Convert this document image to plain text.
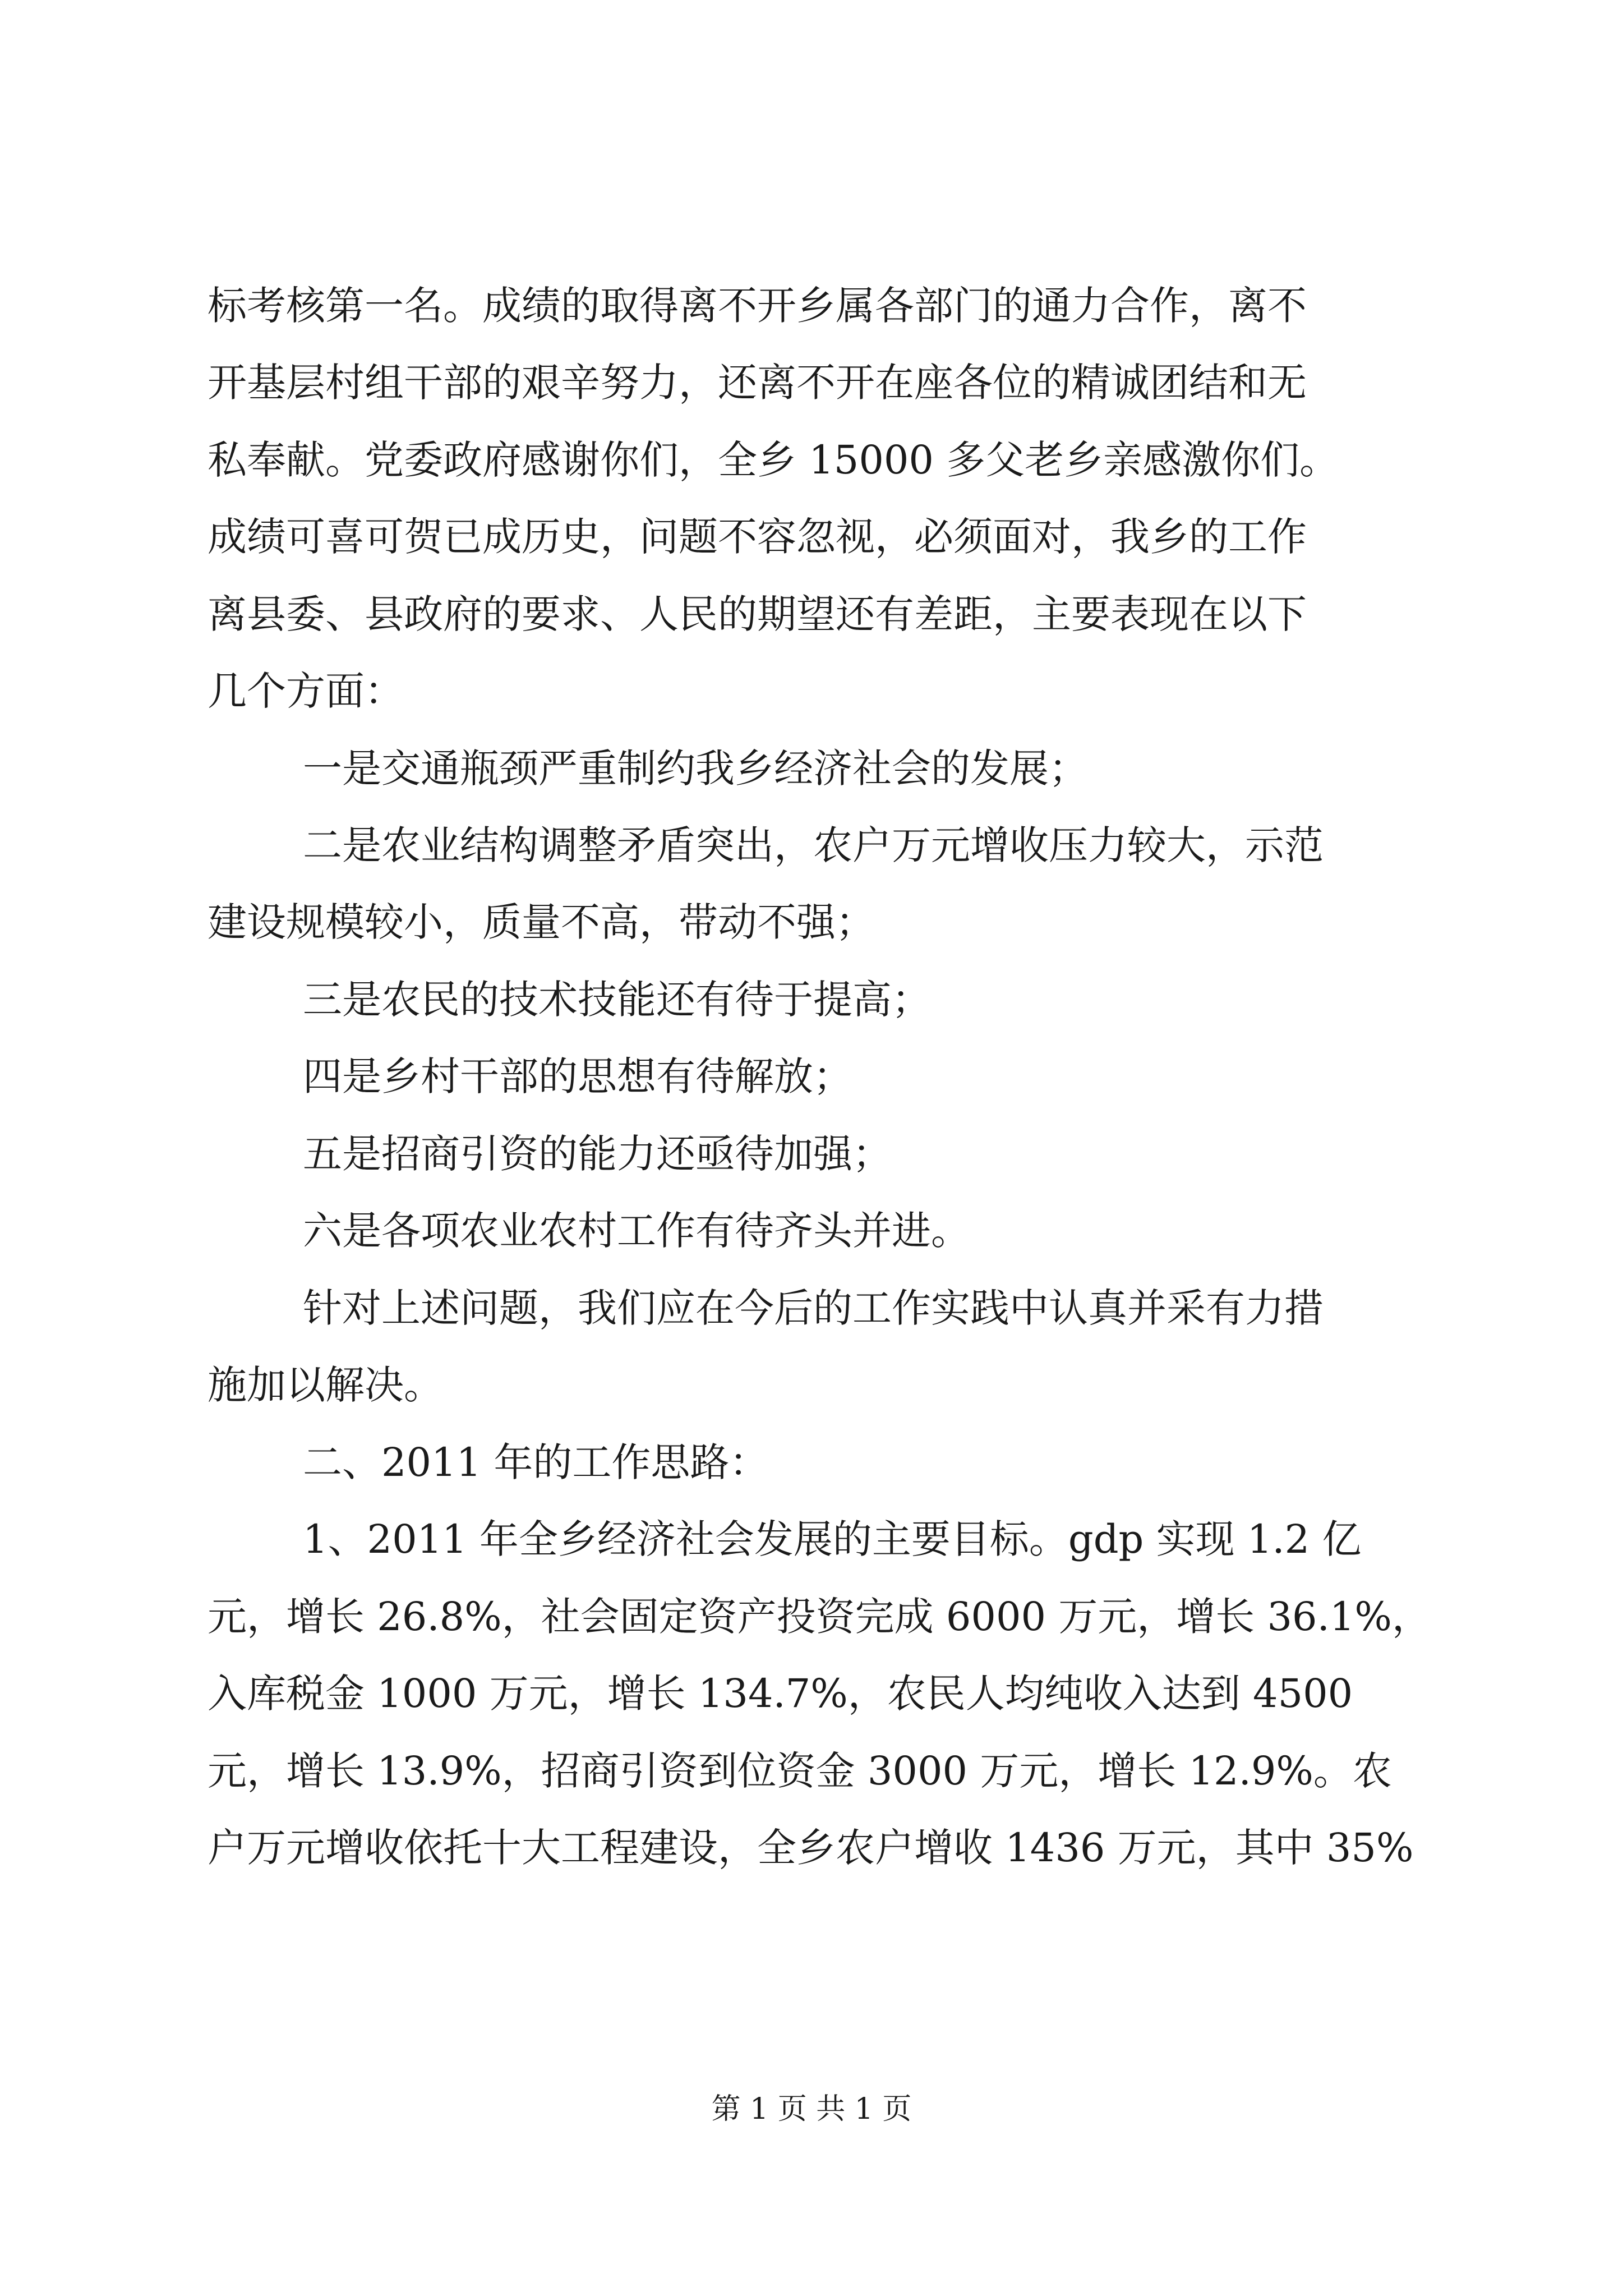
标考核第一名。成绩的取得离不开乡属各部门的通力合作，离不
开基层村组干部的艰辛努力，还离不开在座各位的精诚团结和无
私奉献。党委政府感谢你们，全乡 15000 多父老乡亲感激你们。
成绩可喜可贺已成历史，问题不容忽视，必须面对，我乡的工作
离县委、县政府的要求、人民的期望还有差距，主要表现在以下
几个方面：
一是交通瓶颈严重制约我乡经济社会的发展；
二是农业结构调整矛盾突出，农户万元增收压力较大，示范
建设规模较小，质量不高，带动不强；
三是农民的技术技能还有待于提高；
四是乡村干部的思想有待解放；
五是招商引资的能力还亟待加强；
六是各项农业农村工作有待齐头并进。
针对上述问题，我们应在今后的工作实践中认真并采有力措
施加以解决。
二、2011 年的工作思路：
1、2011 年全乡经济社会发展的主要目标。gdp 实现 1.2 亿
元，增长 26.8%，社会固定资产投资完成 6000 万元，增长 36.1%，
入库税金 1000 万元，增长 134.7%，农民人均纯收入达到 4500
元，增长 13.9%，招商引资到位资金 3000 万元，增长 12.9%。农
户万元增收依托十大工程建设，全乡农户增收 1436 万元，其中 35%
第 1 页 共 1 页
